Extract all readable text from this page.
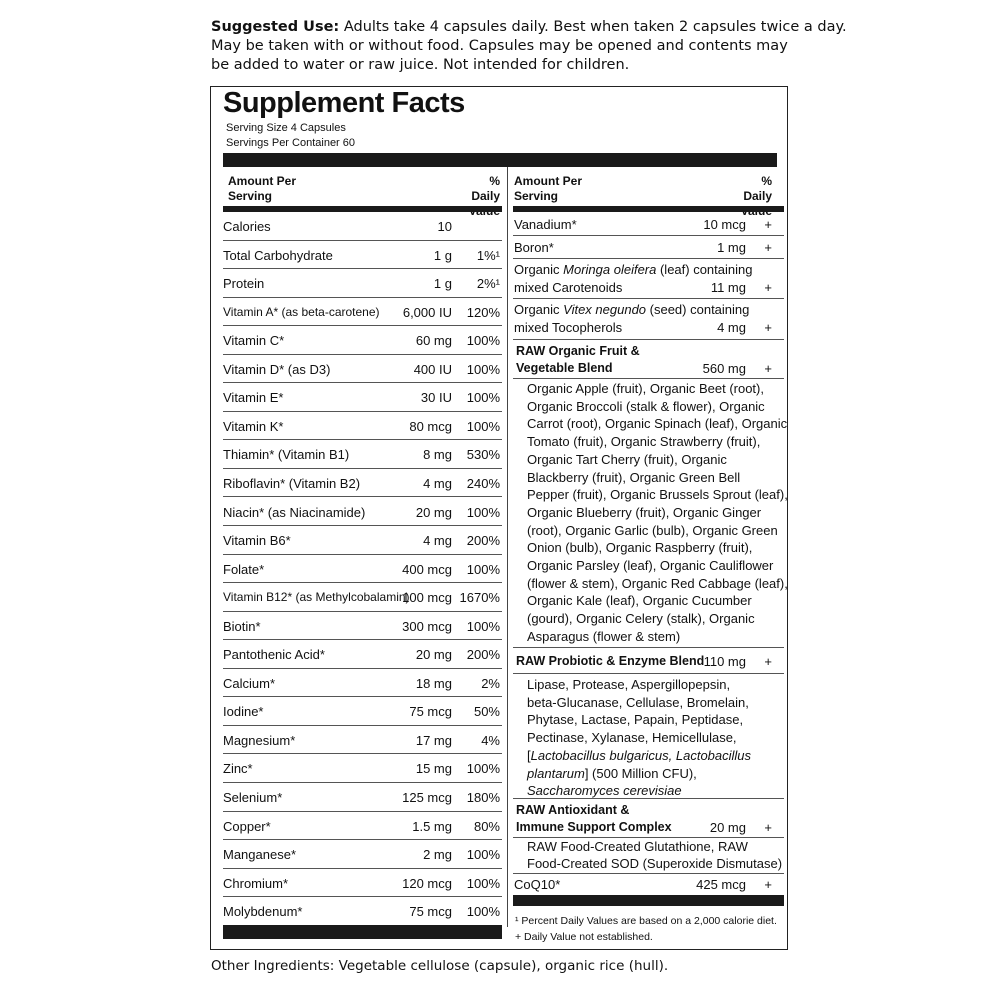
Suggested Use: Adults take 4 capsules daily. Best when taken 2 capsules twice a day.
May be taken with or without food. Capsules may be opened and contents may
be added to water or raw juice. Not intended for children.
Supplement Facts
Serving Size 4 Capsules
Servings Per Container 60
Amount Per
Serving
% Daily

Amount Per
Serving
% Daily

Calories	10
Total Carbohydrate	1 g 1%¹
Protein	1 g 2%¹
Vitamin A* (as beta-carotene) 6,000 IU 120%
Vitamin C*	60 mg 100%
Vitamin D* (as D3)	400 IU 100%
Vitamin E*	30 IU 100%
Vitamin K*	80 mcg 100%
Thiamin* (Vitamin B1)	8 mg 530%
Riboflavin* (Vitamin B2)	4 mg 240%
Niacin* (as Niacinamide)	20 mg 100%
Vitamin B6*	4 mg 200%
Folate*	400 mcg 100%
Vitamin B12* (as Methylcobalamin)
100 mcg 1670%
Biotin*	300 mcg 100%
Pantothenic Acid*	20 mg 200%
Calcium*	18 mg 2%
Iodine*	75 mcg 50%
Magnesium*	17 mg 4%
Zinc*	15 mg 100%
Selenium*	125 mcg 180%
Copper*	1.5 mg 80%
Manganese*	2 mg 100%
Chromium*	120 mcg 100%
Molybdenum*	75 mcg 100%
Vanadium*	10 mcg +
Boron*	1 mg +
Organic Moringa oleifera (leaf) containing
mixed Carotenoids	11 mg +
Organic Vitex negundo (seed) containing
mixed Tocopherols	4 mg +
RAW Organic Fruit &
Vegetable Blend	560 mg +
Organic Apple (fruit), Organic Beet (root),
Organic Broccoli (stalk & flower), Organic
Carrot (root), Organic Spinach (leaf), Organic
Tomato (fruit), Organic Strawberry (fruit),
Organic Tart Cherry (fruit), Organic
Blackberry (fruit), Organic Green Bell
Pepper (fruit), Organic Brussels Sprout (leaf),
Organic Blueberry (fruit), Organic Ginger
(root), Organic Garlic (bulb), Organic Green
Onion (bulb), Organic Raspberry (fruit),
Organic Parsley (leaf), Organic Cauliflower
(flower & stem), Organic Red Cabbage (leaf),
Organic Kale (leaf), Organic Cucumber
(gourd), Organic Celery (stalk), Organic
Asparagus (flower & stem)
RAW Probiotic & Enzyme Blend 110 mg +
Lipase, Protease, Aspergillopepsin,
beta-Glucanase, Cellulase, Bromelain,
Phytase, Lactase, Papain, Peptidase,
Pectinase, Xylanase, Hemicellulase,
[Lactobacillus bulgaricus, Lactobacillus
plantarum] (500 Million CFU),
Saccharomyces cerevisiae
RAW Antioxidant &
Immune Support Complex	20 mg +
RAW Food-Created Glutathione, RAW
Food-Created SOD (Superoxide Dismutase)
CoQ10*	425 mcg +
¹ Percent Daily Values are based on a 2,000 calorie diet.
+ Daily Value not established.
Other Ingredients: Vegetable cellulose (capsule), organic rice (hull).
